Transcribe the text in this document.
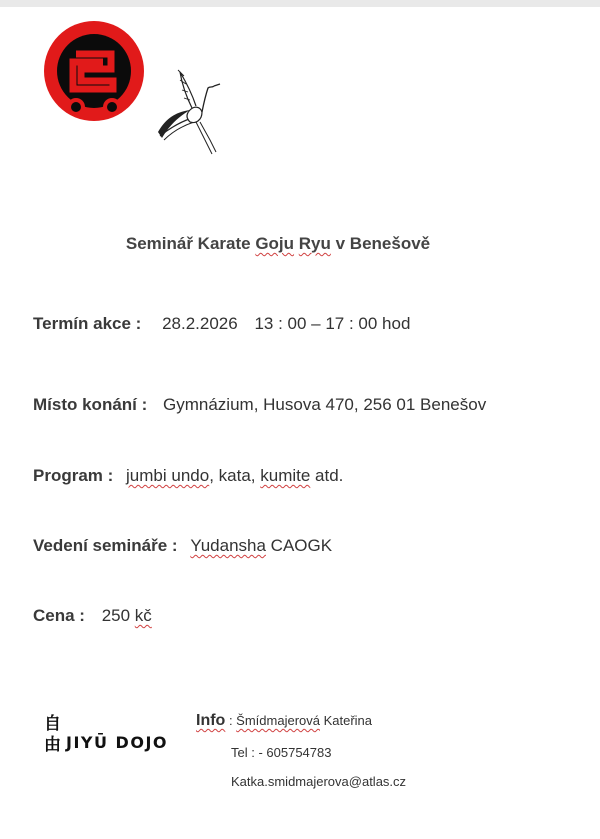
Seminář Karate Goju Ryu v Benešově
Termín akce : 28.2.2026 13 : 00 – 17 : 00 hod
Místo konání : Gymnázium, Husova 470, 256 01 Benešov
Program : jumbi undo, kata, kumite atd.
Vedení semináře : Yudansha CAOGK
Cena : 250 kč
自
由 JIYŪ DOJO
Info : Šmídmajerová Kateřina
Tel : - 605754783
Katka.smidmajerova@atlas.cz
